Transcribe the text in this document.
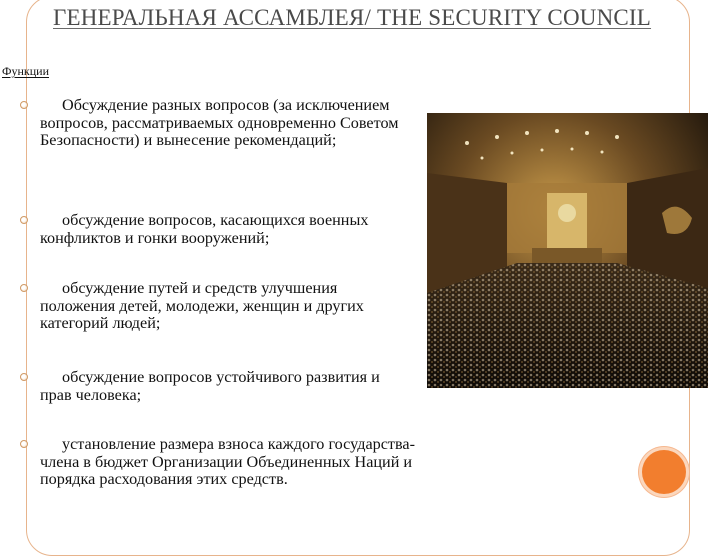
ГЕНЕРАЛЬНАЯ АССАМБЛЕЯ/ THE SECURITY COUNCIL
Функции
Обсуждение разных вопросов (за исключением вопросов, рассматриваемых одновременно Советом Безопасности) и вынесение рекомендаций;
обсуждение вопросов, касающихся военных конфликтов и гонки вооружений;
обсуждение путей и средств улучшения положения детей, молодежи, женщин и других категорий людей;
обсуждение вопросов устойчивого развития и прав человека;
установление размера взноса каждого государства-члена в бюджет Организации Объединенных Наций и порядка расходования этих средств.
